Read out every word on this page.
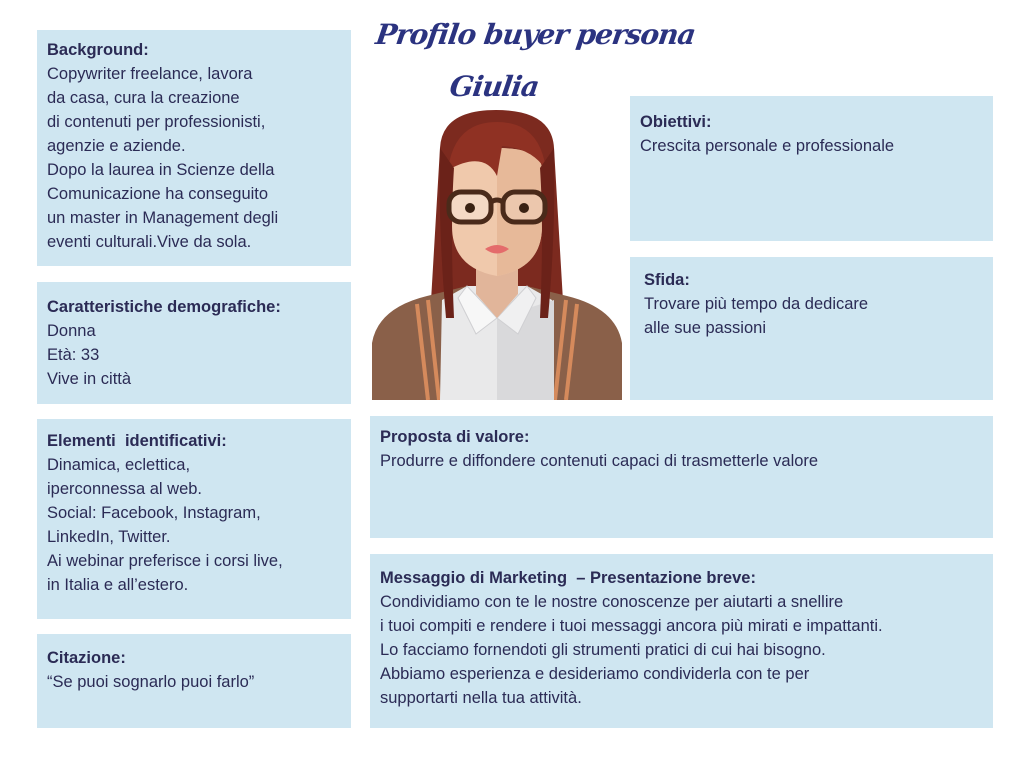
Profilo buyer persona
Giulia
Background:
Copywriter freelance, lavora
da casa, cura la creazione
di contenuti per professionisti,
agenzie e aziende.
Dopo la laurea in Scienze della
Comunicazione ha conseguito
un master in Management degli
eventi culturali.Vive da sola.
Caratteristiche demografiche:
Donna
Età: 33
Vive in città
Elementi  identificativi:
Dinamica, eclettica,
iperconnessa al web.
Social: Facebook, Instagram,
LinkedIn, Twitter.
Ai webinar preferisce i corsi live,
in Italia e all’estero.
Citazione:
“Se puoi sognarlo puoi farlo”
Obiettivi:
Crescita personale e professionale
Sfida:
Trovare più tempo da dedicare
alle sue passioni
Proposta di valore:
Produrre e diffondere contenuti capaci di trasmetterle valore
Messaggio di Marketing  – Presentazione breve:
Condividiamo con te le nostre conoscenze per aiutarti a snellire
i tuoi compiti e rendere i tuoi messaggi ancora più mirati e impattanti.
Lo facciamo fornendoti gli strumenti pratici di cui hai bisogno.
Abbiamo esperienza e desideriamo condividerla con te per
supportarti nella tua attività.
